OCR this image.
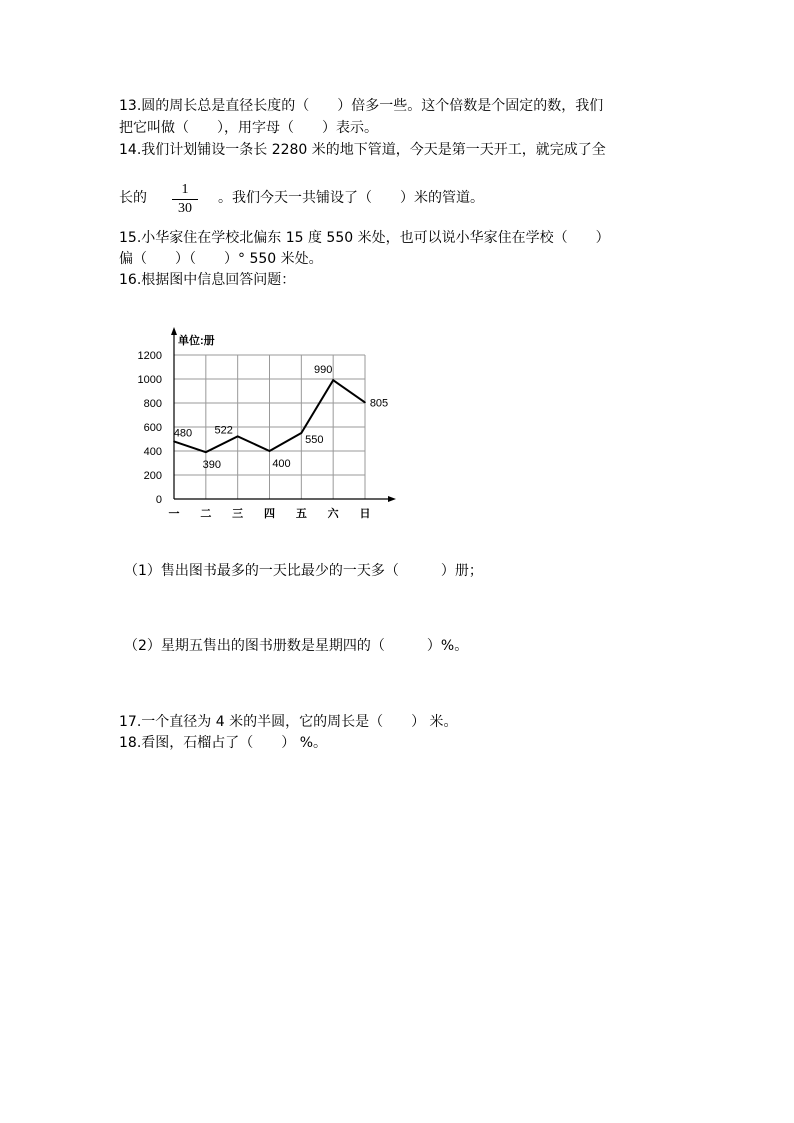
13.圆的周长总是直径长度的（　　）倍多一些。这个倍数是个固定的数，我们
把它叫做（　　），用字母（　　）表示。
14.我们计划铺设一条长 2280 米的地下管道，今天是第一天开工，就完成了全
长的
1
30
。我们今天一共铺设了（　　）米的管道。
15.小华家住在学校北偏东 15 度 550 米处，也可以说小华家住在学校（　　）
偏（　　）（　　）° 550 米处。
16.根据图中信息回答问题：
0
200
400
600
800
1000
1200
单位:册
一 二 三 四 五 六 日
480
390
522
400
550
990
805
（1）售出图书最多的一天比最少的一天多（　　　）册；
（2）星期五售出的图书册数是星期四的（　　　）%。
17.一个直径为 4 米的半圆，它的周长是（　　） 米。
18.看图，石榴占了（　　） %。
